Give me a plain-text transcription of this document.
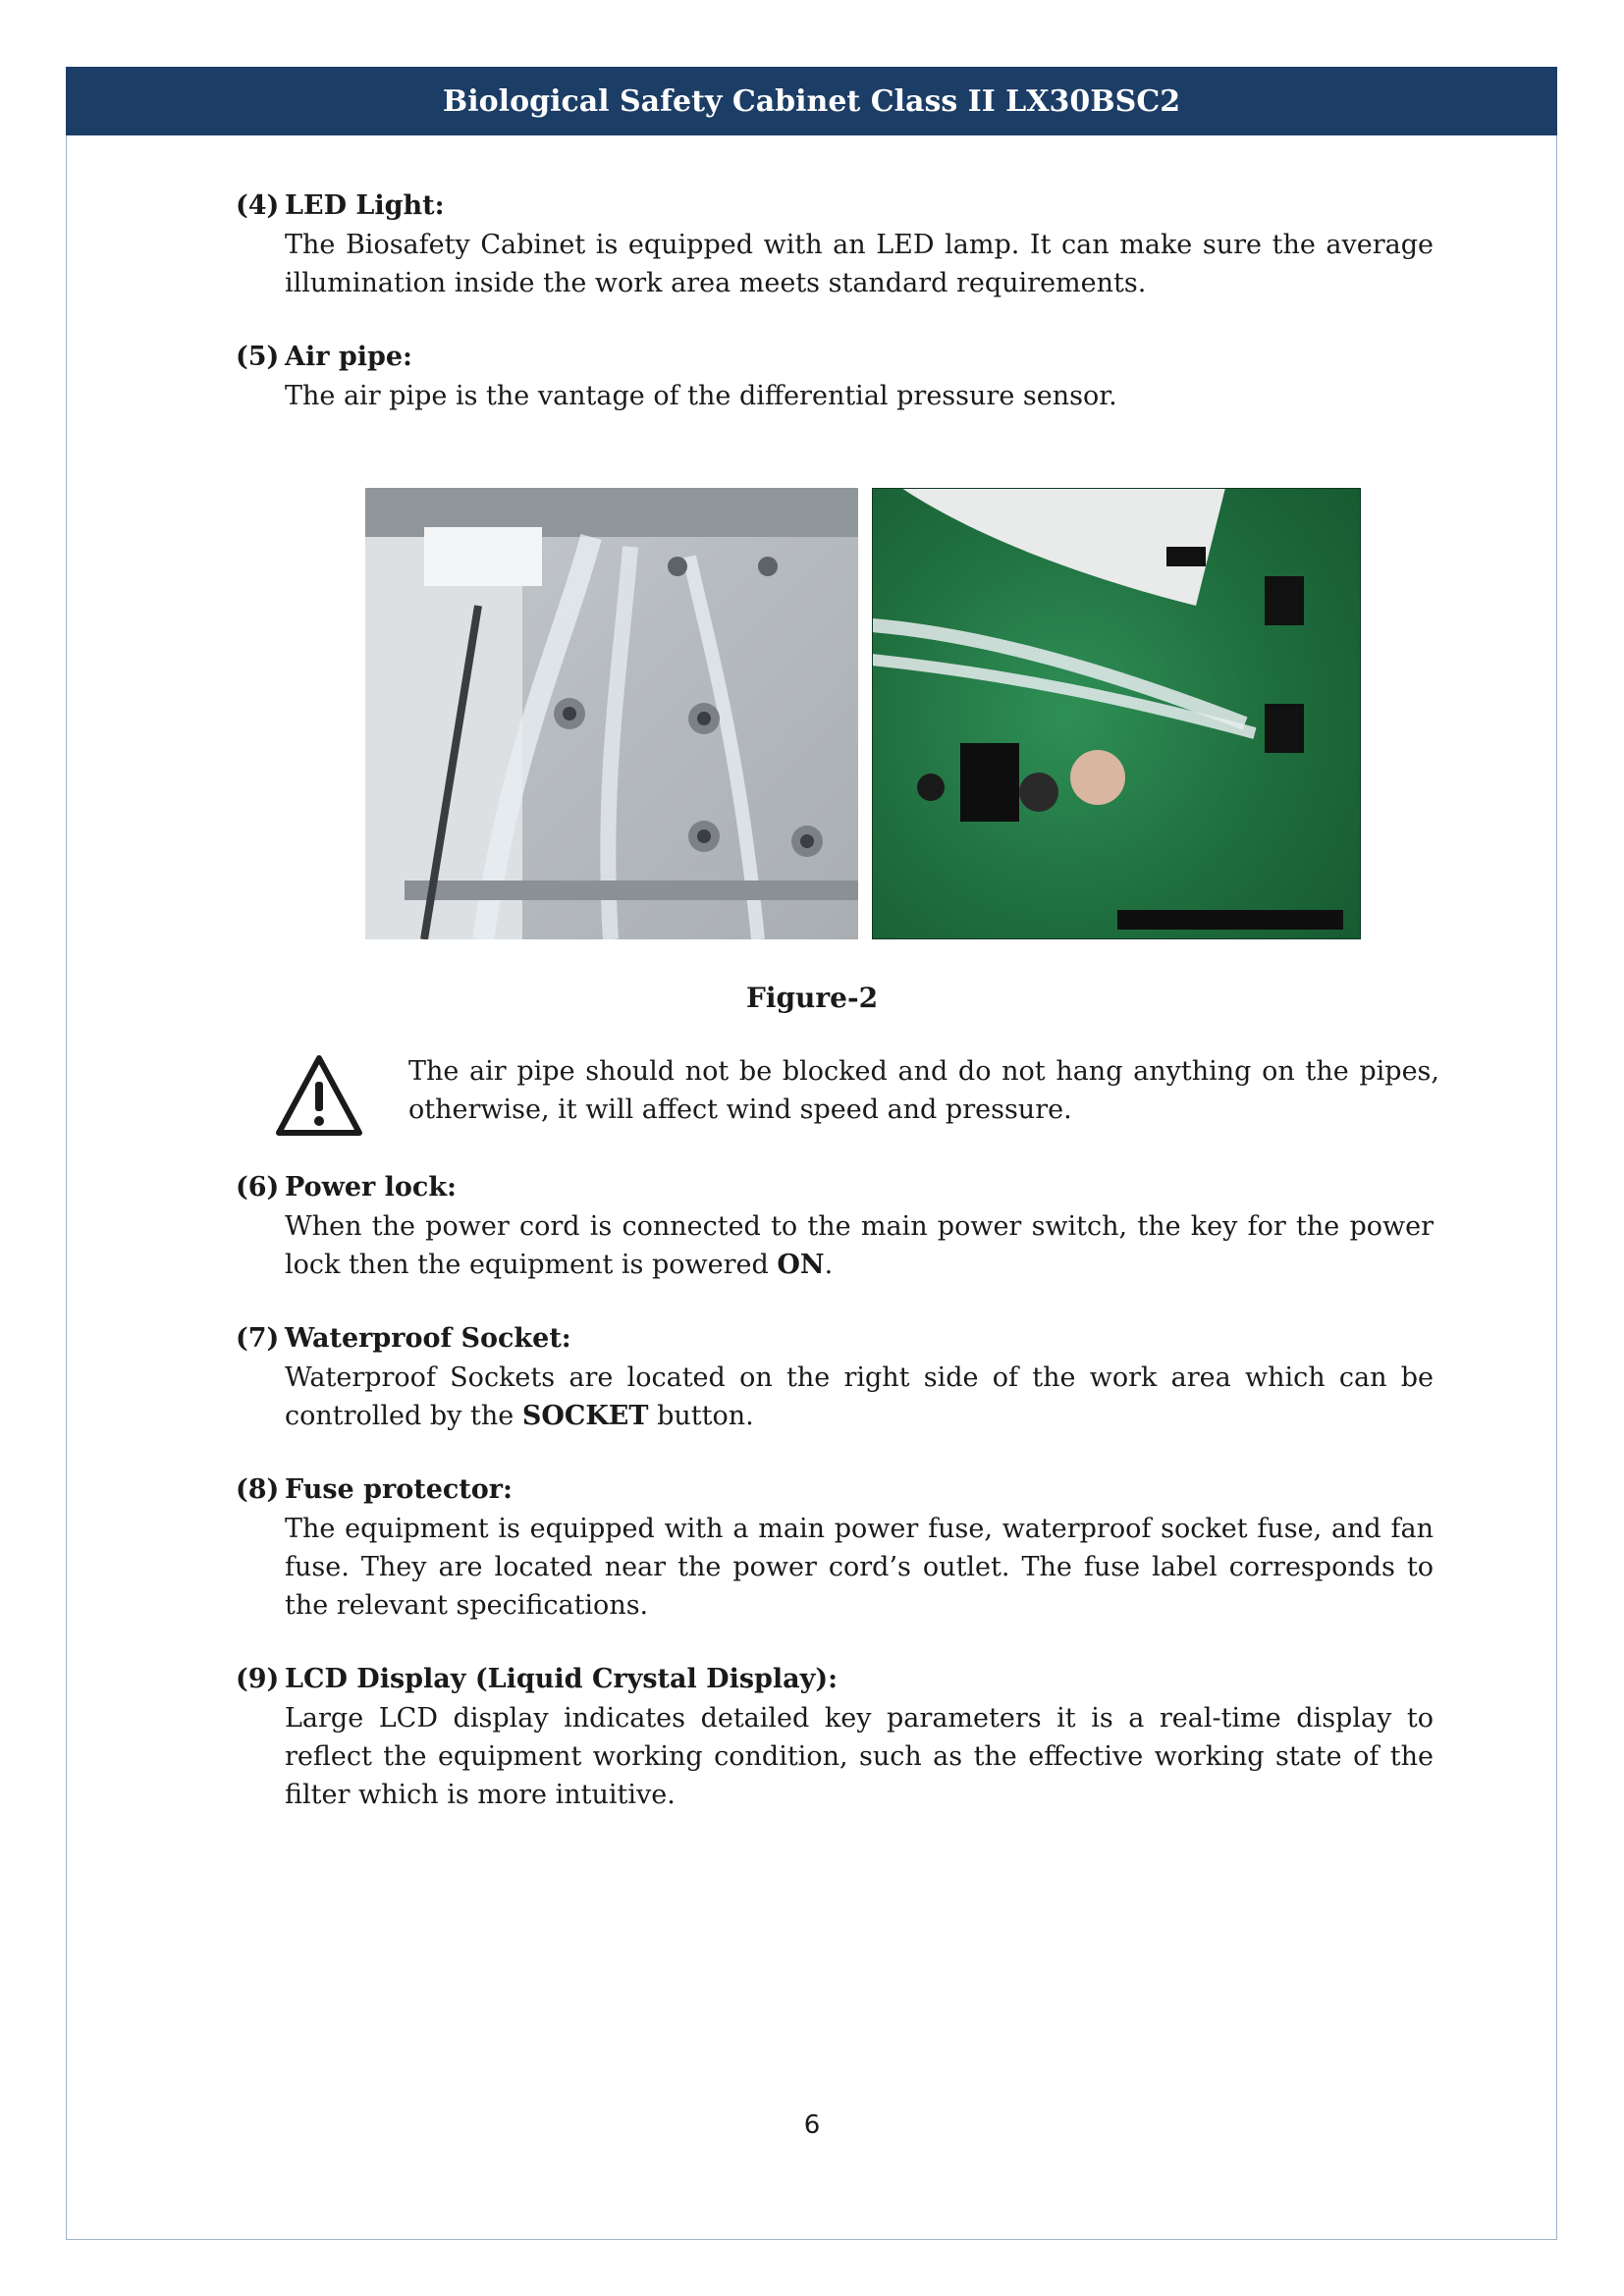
Biological Safety Cabinet Class II LX30BSC2
(4) LED Light:
The Biosafety Cabinet is equipped with an LED lamp. It can make sure the average illumination inside the work area meets standard requirements.
(5) Air pipe:
The air pipe is the vantage of the differential pressure sensor.
Figure-2
The air pipe should not be blocked and do not hang anything on the pipes, otherwise, it will affect wind speed and pressure.
(6) Power lock:
When the power cord is connected to the main power switch, the key for the power lock then the equipment is powered ON.
(7) Waterproof Socket:
Waterproof Sockets are located on the right side of the work area which can be controlled by the SOCKET button.
(8) Fuse protector:
The equipment is equipped with a main power fuse, waterproof socket fuse, and fan fuse. They are located near the power cord’s outlet. The fuse label corresponds to the relevant specifications.
(9) LCD Display (Liquid Crystal Display):
Large LCD display indicates detailed key parameters it is a real-time display to reflect the equipment working condition, such as the effective working state of the filter which is more intuitive.
6
